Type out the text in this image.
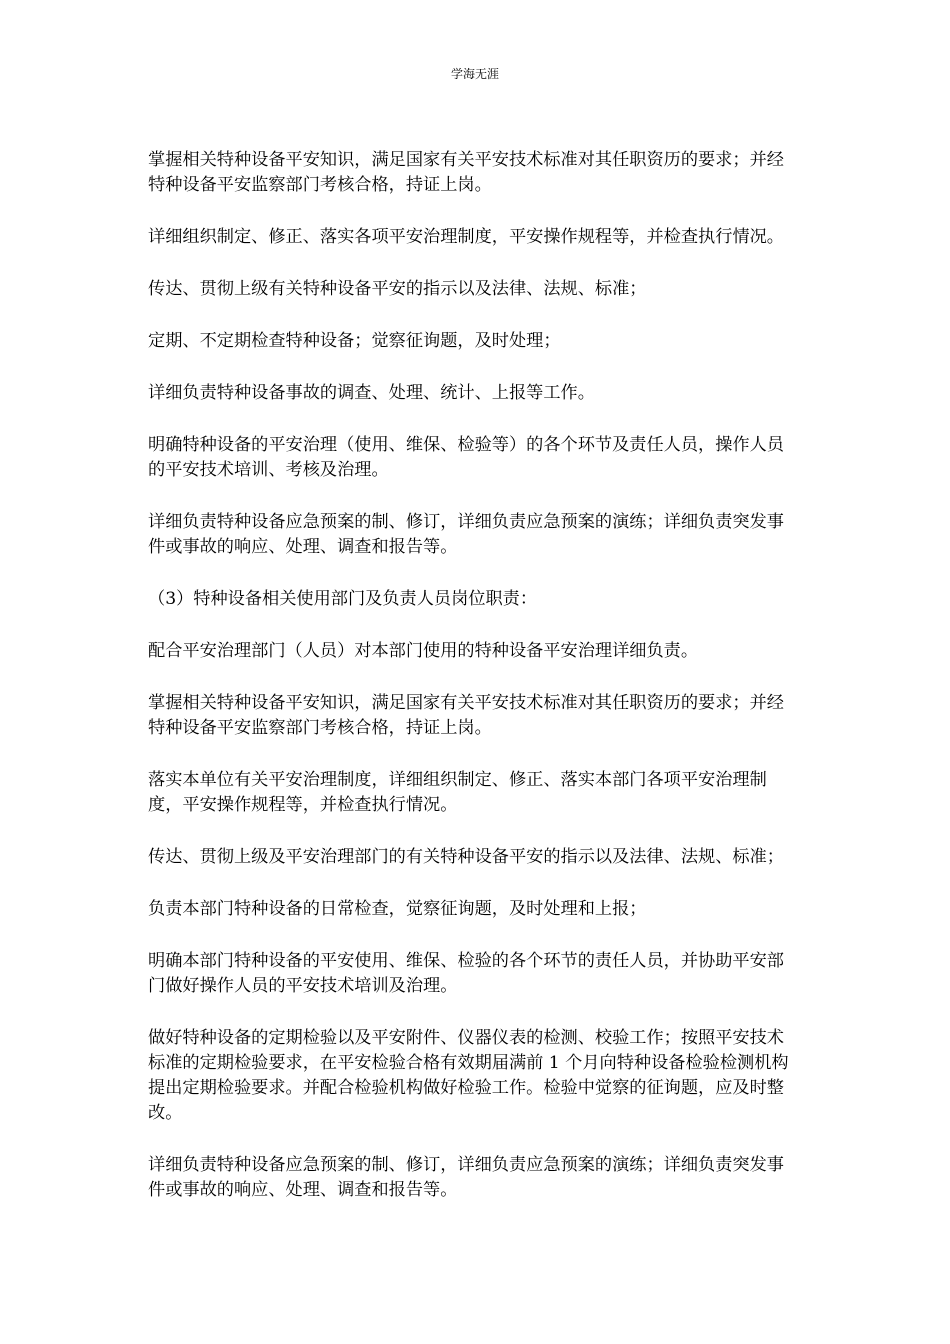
学海无涯

掌握相关特种设备平安知识，满足国家有关平安技术标准对其任职资历的要求；并经特种设备平安监察部门考核合格，持证上岗。

详细组织制定、修正、落实各项平安治理制度，平安操作规程等，并检查执行情况。

传达、贯彻上级有关特种设备平安的指示以及法律、法规、标准；

定期、不定期检查特种设备；觉察征询题，及时处理；

详细负责特种设备事故的调查、处理、统计、上报等工作。

明确特种设备的平安治理（使用、维保、检验等）的各个环节及责任人员，操作人员的平安技术培训、考核及治理。

详细负责特种设备应急预案的制、修订，详细负责应急预案的演练；详细负责突发事件或事故的响应、处理、调查和报告等。

（3）特种设备相关使用部门及负责人员岗位职责：

配合平安治理部门（人员）对本部门使用的特种设备平安治理详细负责。

掌握相关特种设备平安知识，满足国家有关平安技术标准对其任职资历的要求；并经特种设备平安监察部门考核合格，持证上岗。

落实本单位有关平安治理制度，详细组织制定、修正、落实本部门各项平安治理制度，平安操作规程等，并检查执行情况。

传达、贯彻上级及平安治理部门的有关特种设备平安的指示以及法律、法规、标准；

负责本部门特种设备的日常检查，觉察征询题，及时处理和上报；

明确本部门特种设备的平安使用、维保、检验的各个环节的责任人员，并协助平安部门做好操作人员的平安技术培训及治理。

做好特种设备的定期检验以及平安附件、仪器仪表的检测、校验工作；按照平安技术标准的定期检验要求，在平安检验合格有效期届满前 1 个月向特种设备检验检测机构提出定期检验要求。并配合检验机构做好检验工作。检验中觉察的征询题，应及时整改。

详细负责特种设备应急预案的制、修订，详细负责应急预案的演练；详细负责突发事件或事故的响应、处理、调查和报告等。
